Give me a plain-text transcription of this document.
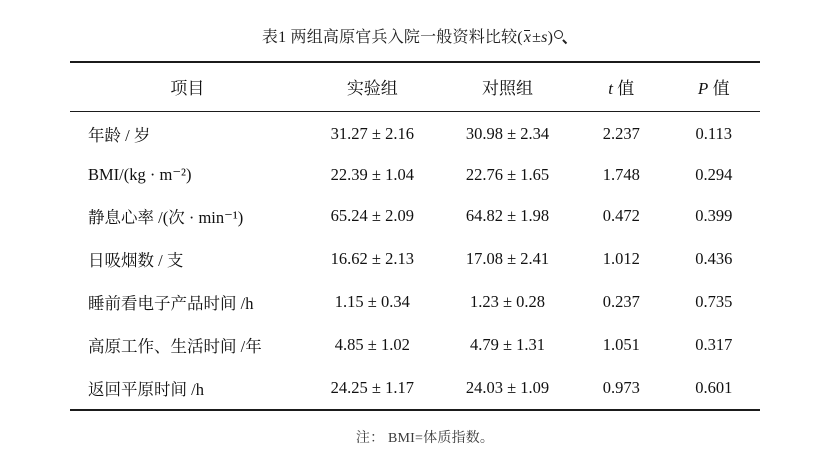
表1 两组高原官兵入院一般资料比较(x±s)
项目	实验组	对照组	t 值	P 值
年龄 / 岁	31.27 ± 2.16	30.98 ± 2.34	2.237	0.113
BMI/(kg · m⁻²)	22.39 ± 1.04	22.76 ± 1.65	1.748	0.294
静息心率 /(次 · min⁻¹)	65.24 ± 2.09	64.82 ± 1.98	0.472	0.399
日吸烟数 / 支	16.62 ± 2.13	17.08 ± 2.41	1.012	0.436
睡前看电子产品时间 /h	1.15 ± 0.34	1.23 ± 0.28	0.237	0.735
高原工作、生活时间 /年	4.85 ± 1.02	4.79 ± 1.31	1.051	0.317
返回平原时间 /h	24.25 ± 1.17	24.03 ± 1.09	0.973	0.601
注： BMI=体质指数。
